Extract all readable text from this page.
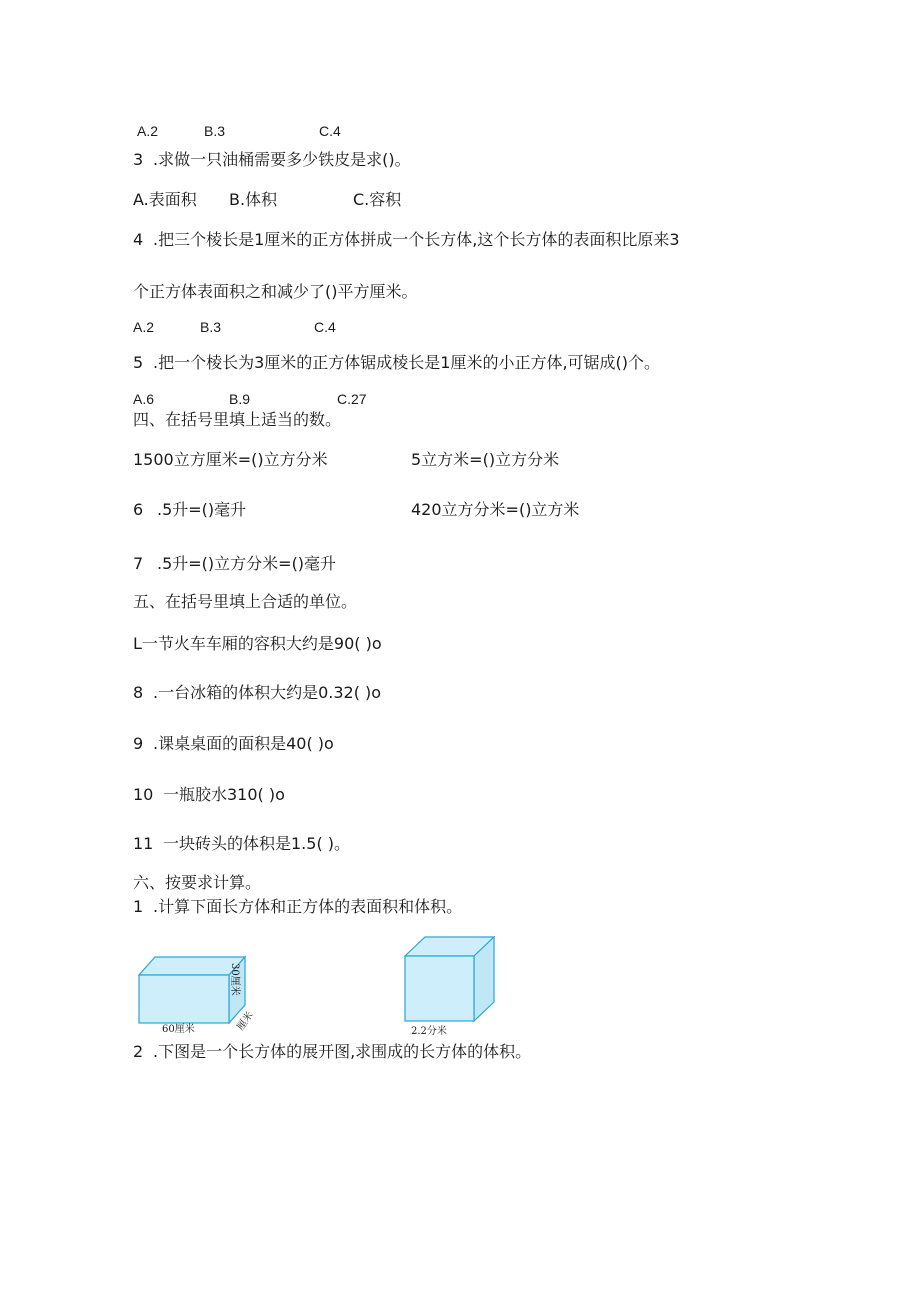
A.2	B.3	C.4
3 .求做一只油桶需要多少铁皮是求()。
A.表面积 B.体积	C.容积
4 .把三个棱长是1厘米的正方体拼成一个长方体,这个长方体的表面积比原来3
个正方体表面积之和减少了()平方厘米。
A.2	B.3	C.4
5 .把一个棱长为3厘米的正方体锯成棱长是1厘米的小正方体,可锯成()个。
A.6	B.9	C.27
四、在括号里填上适当的数。
1500立方厘米=()立方分米	5立方米=()立方分米
6 .5升=()毫升	420立方分米=()立方米
7 .5升=()立方分米=()毫升
五、在括号里填上合适的单位。
L一节火车车厢的容积大约是90( )o
8 .一台冰箱的体积大约是0.32( )o
9 .课桌桌面的面积是40( )o
10 一瓶胶水310( )o
11 一块砖头的体积是1.5( )。
六、按要求计算。
1 .计算下面长方体和正方体的表面积和体积。
30厘米
厘米
60厘米	2.2分米
2 .下图是一个长方体的展开图,求围成的长方体的体积。
